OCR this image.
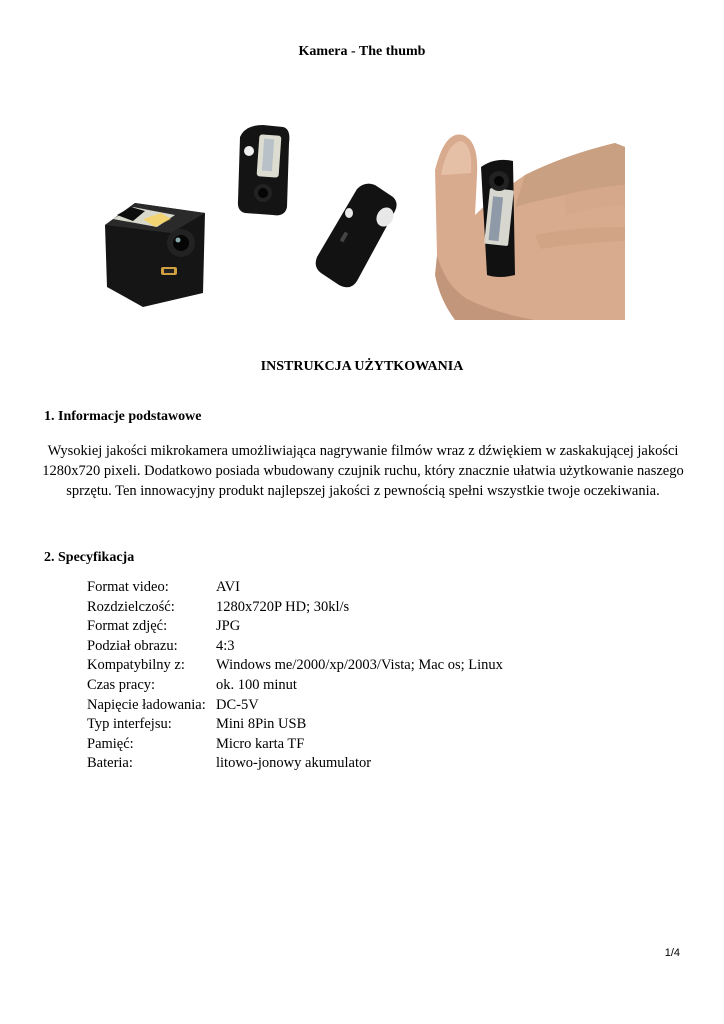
Kamera - The thumb
INSTRUKCJA UŻYTKOWANIA
1. Informacje podstawowe
Wysokiej jakości mikrokamera umożliwiająca nagrywanie filmów wraz z dźwiękiem w zaskakującej jakości 1280x720 pixeli. Dodatkowo posiada wbudowany czujnik ruchu, który znacznie ułatwia użytkowanie naszego sprzętu. Ten innowacyjny produkt najlepszej jakości z pewnością spełni wszystkie twoje oczekiwania.
2. Specyfikacja
Format video:	AVI
Rozdzielczość:	1280x720P HD; 30kl/s
Format zdjęć:	JPG
Podział obrazu:	4:3
Kompatybilny z:	Windows me/2000/xp/2003/Vista; Mac os; Linux
Czas pracy:	ok. 100 minut
Napięcie ładowania: DC-5V
Typ interfejsu:	Mini 8Pin USB
Pamięć:	Micro karta TF
Bateria:	litowo-jonowy akumulator
1/4
